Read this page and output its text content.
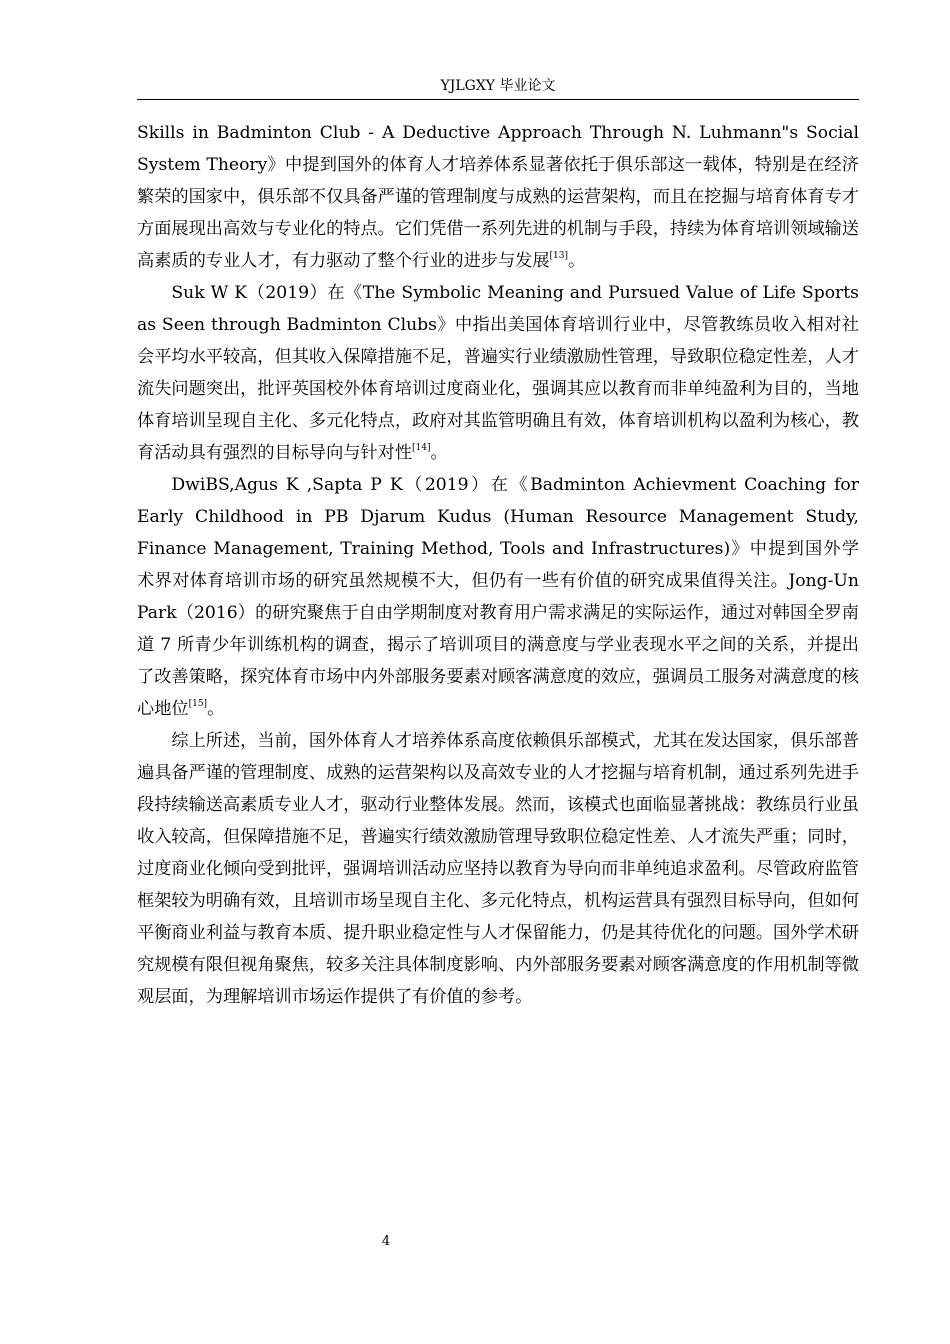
YJLGXY 毕业论文

Skills in Badminton Club - A Deductive Approach Through N. Luhmann"s Social System Theory》中提到国外的体育人才培养体系显著依托于俱乐部这一载体，特别是在经济繁荣的国家中，俱乐部不仅具备严谨的管理制度与成熟的运营架构，而且在挖掘与培育体育专才方面展现出高效与专业化的特点。它们凭借一系列先进的机制与手段，持续为体育培训领域输送高素质的专业人才，有力驱动了整个行业的进步与发展[13]。

Suk W K（2019）在《The Symbolic Meaning and Pursued Value of Life Sports as Seen through Badminton Clubs》中指出美国体育培训行业中，尽管教练员收入相对社会平均水平较高，但其收入保障措施不足，普遍实行业绩激励性管理，导致职位稳定性差，人才流失问题突出，批评英国校外体育培训过度商业化，强调其应以教育而非单纯盈利为目的，当地体育培训呈现自主化、多元化特点，政府对其监管明确且有效，体育培训机构以盈利为核心，教育活动具有强烈的目标导向与针对性[14]。

DwiBS,Agus K ,Sapta P K（2019）在《Badminton Achievment Coaching for Early Childhood in PB Djarum Kudus (Human Resource Management Study, Finance Management, Training Method, Tools and Infrastructures)》中提到国外学术界对体育培训市场的研究虽然规模不大，但仍有一些有价值的研究成果值得关注。Jong-Un Park（2016）的研究聚焦于自由学期制度对教育用户需求满足的实际运作，通过对韩国全罗南道 7 所青少年训练机构的调查，揭示了培训项目的满意度与学业表现水平之间的关系，并提出了改善策略，探究体育市场中内外部服务要素对顾客满意度的效应，强调员工服务对满意度的核心地位[15]。

综上所述，当前，国外体育人才培养体系高度依赖俱乐部模式，尤其在发达国家，俱乐部普遍具备严谨的管理制度、成熟的运营架构以及高效专业的人才挖掘与培育机制，通过系列先进手段持续输送高素质专业人才，驱动行业整体发展。然而，该模式也面临显著挑战：教练员行业虽收入较高，但保障措施不足，普遍实行绩效激励管理导致职位稳定性差、人才流失严重；同时，过度商业化倾向受到批评，强调培训活动应坚持以教育为导向而非单纯追求盈利。尽管政府监管框架较为明确有效，且培训市场呈现自主化、多元化特点，机构运营具有强烈目标导向，但如何平衡商业利益与教育本质、提升职业稳定性与人才保留能力，仍是其待优化的问题。国外学术研究规模有限但视角聚焦，较多关注具体制度影响、内外部服务要素对顾客满意度的作用机制等微观层面，为理解培训市场运作提供了有价值的参考。

4
